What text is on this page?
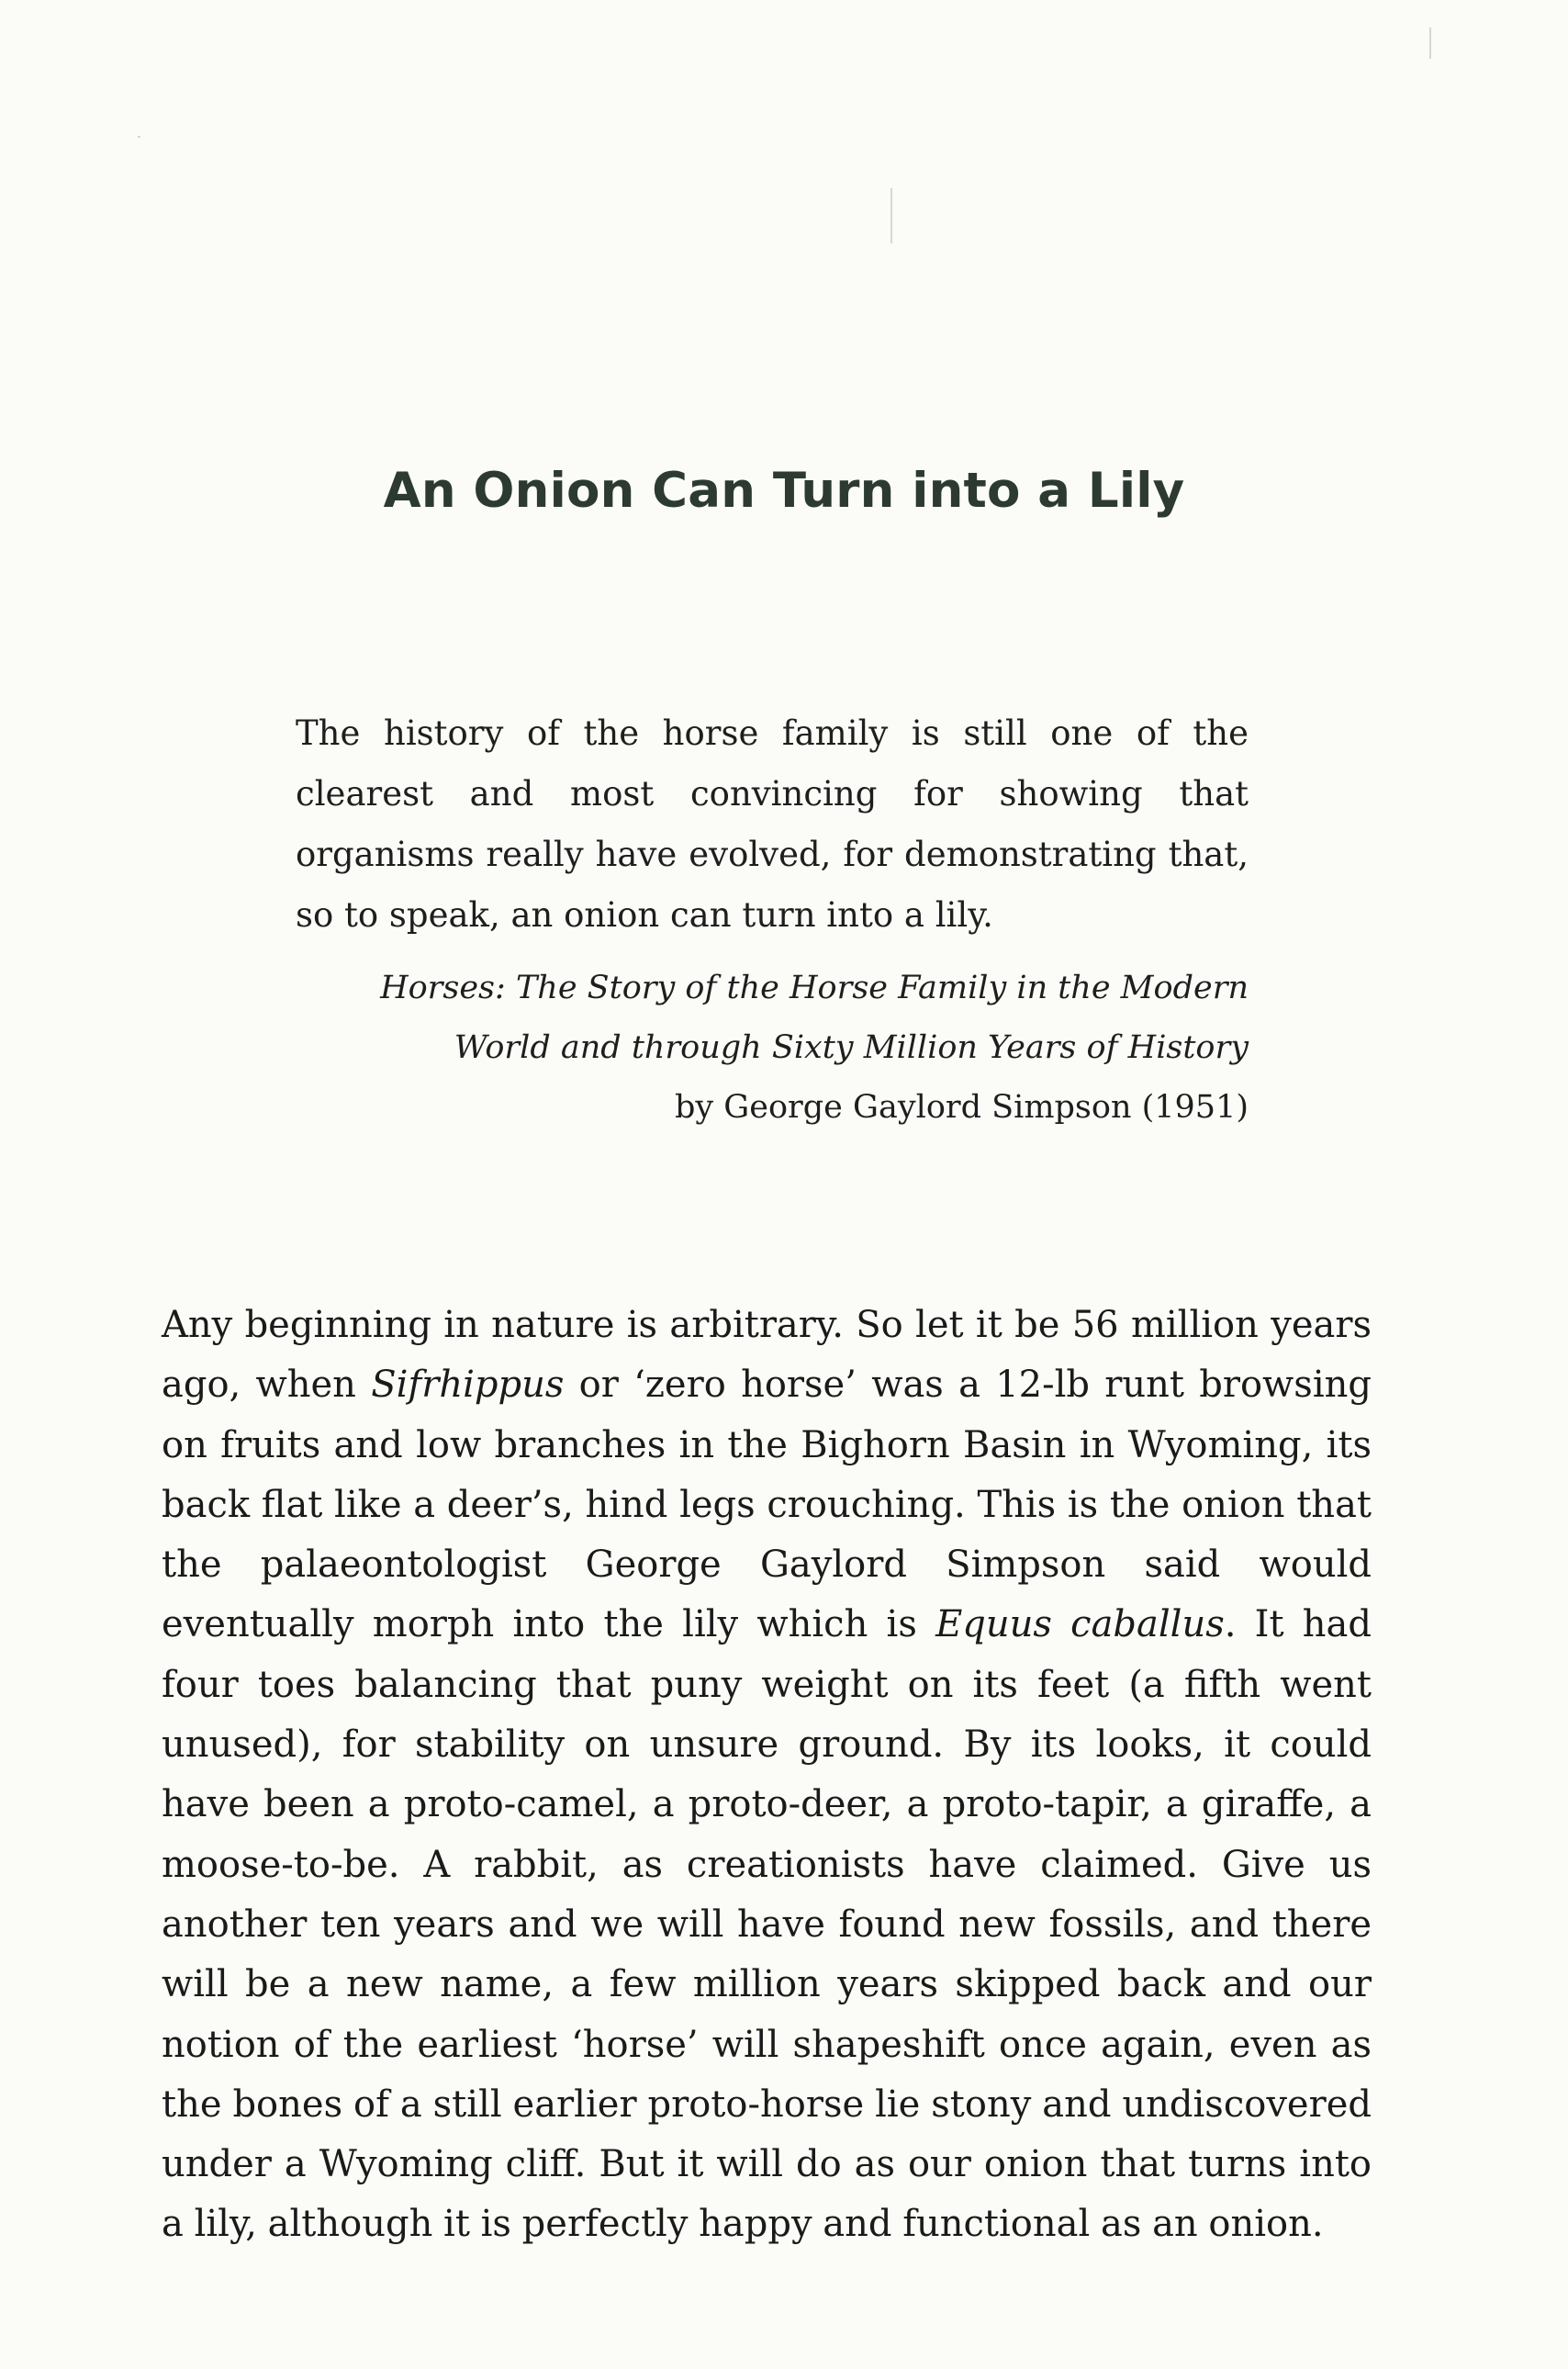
An Onion Can Turn into a Lily

The history of the horse family is still one of the clearest and most convincing for showing that organisms really have evolved, for demonstrating that, so to speak, an onion can turn into a lily.

Horses: The Story of the Horse Family in the Modern
World and through Sixty Million Years of History
by George Gaylord Simpson (1951)

Any beginning in nature is arbitrary. So let it be 56 million years ago, when Sifrhippus or ‘zero horse’ was a 12-lb runt browsing on fruits and low branches in the Bighorn Basin in Wyoming, its back flat like a deer’s, hind legs crouching. This is the onion that the palaeontologist George Gaylord Simpson said would eventually morph into the lily which is Equus caballus. It had four toes balancing that puny weight on its feet (a fifth went unused), for stability on unsure ground. By its looks, it could have been a proto-camel, a proto-deer, a proto-tapir, a giraffe, a moose-to-be. A rabbit, as creationists have claimed. Give us another ten years and we will have found new fossils, and there will be a new name, a few million years skipped back and our notion of the earliest ‘horse’ will shapeshift once again, even as the bones of a still earlier proto-horse lie stony and undiscovered under a Wyoming cliff. But it will do as our onion that turns into a lily, although it is perfectly happy and functional as an onion.
